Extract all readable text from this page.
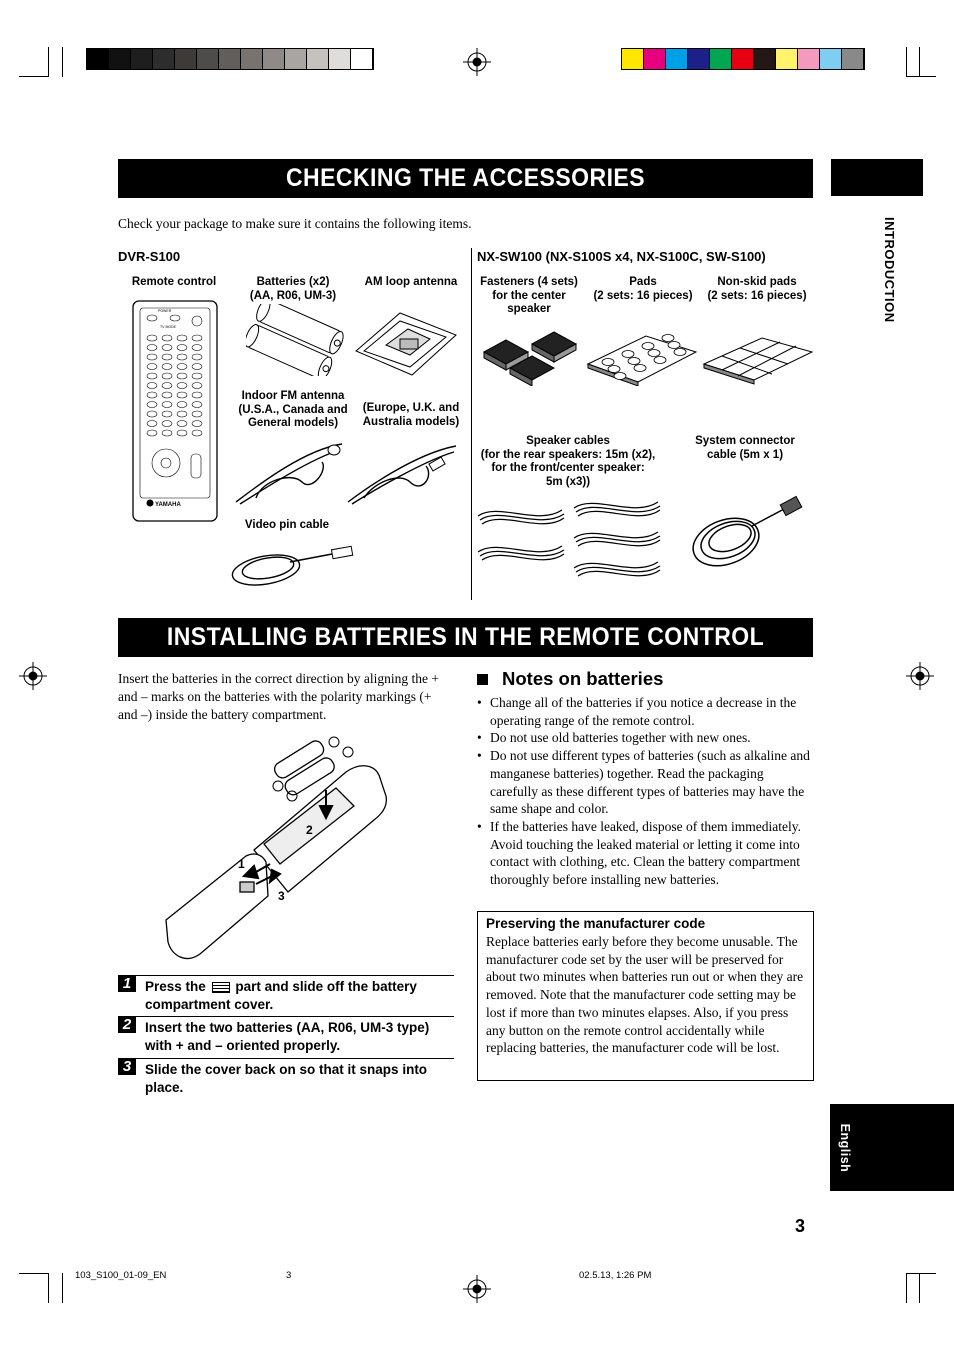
CHECKING THE ACCESSORIES
INTRODUCTION
Check your package to make sure it contains the following items.
DVR-S100	NX-SW100 (NX-S100S x4, NX-S100C, SW-S100)
Remote control	Batteries (x2)
(AA, R06, UM-3)
AM loop antenna
Indoor FM antenna
(U.S.A., Canada and
General models)
(Europe, U.K. and
Australia models)
Video pin cable
POWER
TV MODE
YAMAHA
Fasteners (4 sets)
for the center
speaker
Pads
(2 sets: 16 pieces)
Non-skid pads
(2 sets: 16 pieces)
Speaker cables
(for the rear speakers: 15m (x2),
for the front/center speaker:
5m (x3))
System connector
cable (5m x 1)
INSTALLING BATTERIES IN THE REMOTE CONTROL
Insert the batteries in the correct direction by aligning the + and – marks on the batteries with the polarity markings (+ and –) inside the battery compartment.
2
1
3
1	Press the part and slide off the battery compartment cover.
2	Insert the two batteries (AA, R06, UM-3 type) with + and – oriented properly.
3	Slide the cover back on so that it snaps into place.
Notes on batteries
• Change all of the batteries if you notice a decrease in the operating range of the remote control.
• Do not use old batteries together with new ones.
• Do not use different types of batteries (such as alkaline and manganese batteries) together. Read the packaging carefully as these different types of batteries may have the same shape and color.
• If the batteries have leaked, dispose of them immediately. Avoid touching the leaked material or letting it come into contact with clothing, etc. Clean the battery compartment thoroughly before installing new batteries.
Preserving the manufacturer code
Replace batteries early before they become unusable. The manufacturer code set by the user will be preserved for about two minutes when batteries run out or when they are removed. Note that the manufacturer code setting may be lost if more than two minutes elapses. Also, if you press any button on the remote control accidentally while replacing batteries, the manufacturer code will be lost.
English
3
103_S100_01-09_EN	3	02.5.13, 1:26 PM
